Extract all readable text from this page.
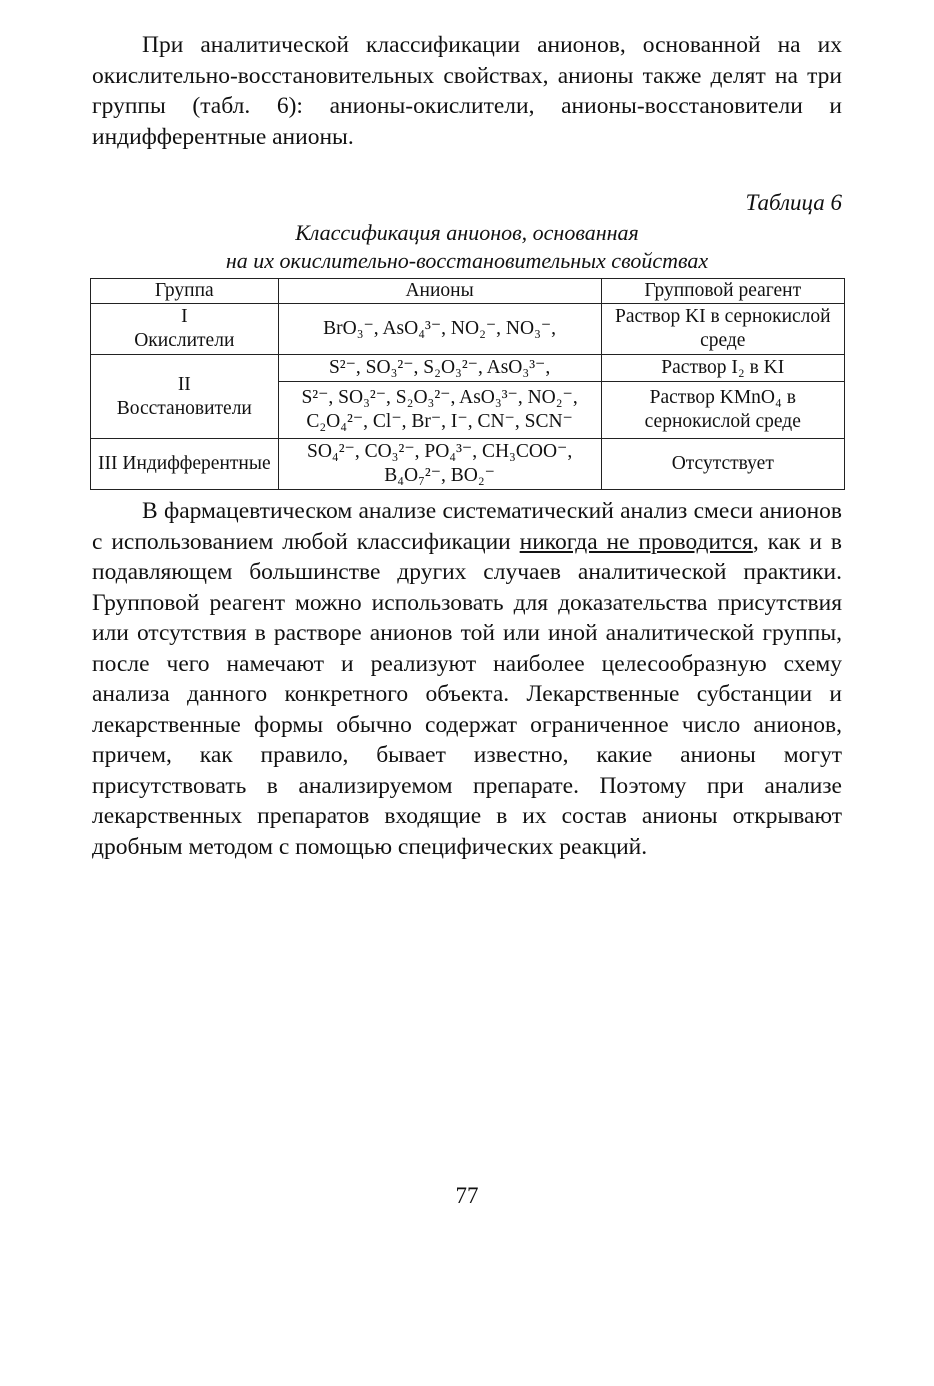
При аналитической классификации анионов, основанной на их окислительно-восстановительных свойствах, анионы также делят на три группы (табл. 6): анионы-окислители, анионы-восстановители и индифферентные анионы.

Таблица 6
Классификация анионов, основанная
на их окислительно-восстановительных свойствах
Группа	Анионы	Групповой реагент

I
Окислители	BrO₃⁻, AsO₄³⁻, NO₂⁻, NO₃⁻,	Раствор KI в сернокислой среде

II
Восстановители	S²⁻, SO₃²⁻, S₂O₃²⁻, AsO₃³⁻,	Раствор I₂ в KI
	S²⁻, SO₃²⁻, S₂O₃²⁻, AsO₃³⁻, NO₂⁻, C₂O₄²⁻, Cl⁻, Br⁻, I⁻, CN⁻, SCN⁻	Раствор KMnO₄ в сернокислой среде
III Индифферентные	SO₄²⁻, CO₃²⁻, PO₄³⁻, CH₃COO⁻, B₄O₇²⁻, BO₂⁻	Отсутствует

В фармацевтическом анализе систематический анализ смеси анионов с использованием любой классификации никогда не проводится, как и в подавляющем большинстве других случаев аналитической практики. Групповой реагент можно использовать для доказательства присутствия или отсутствия в растворе анионов той или иной аналитической группы, после чего намечают и реализуют наиболее целесообразную схему анализа данного конкретного объекта. Лекарственные субстанции и лекарственные формы обычно содержат ограниченное число анионов, причем, как правило, бывает известно, какие анионы могут присутствовать в анализируемом препарате. Поэтому при анализе лекарственных препаратов входящие в их состав анионы открывают дробным методом с помощью специфических реакций.

77
